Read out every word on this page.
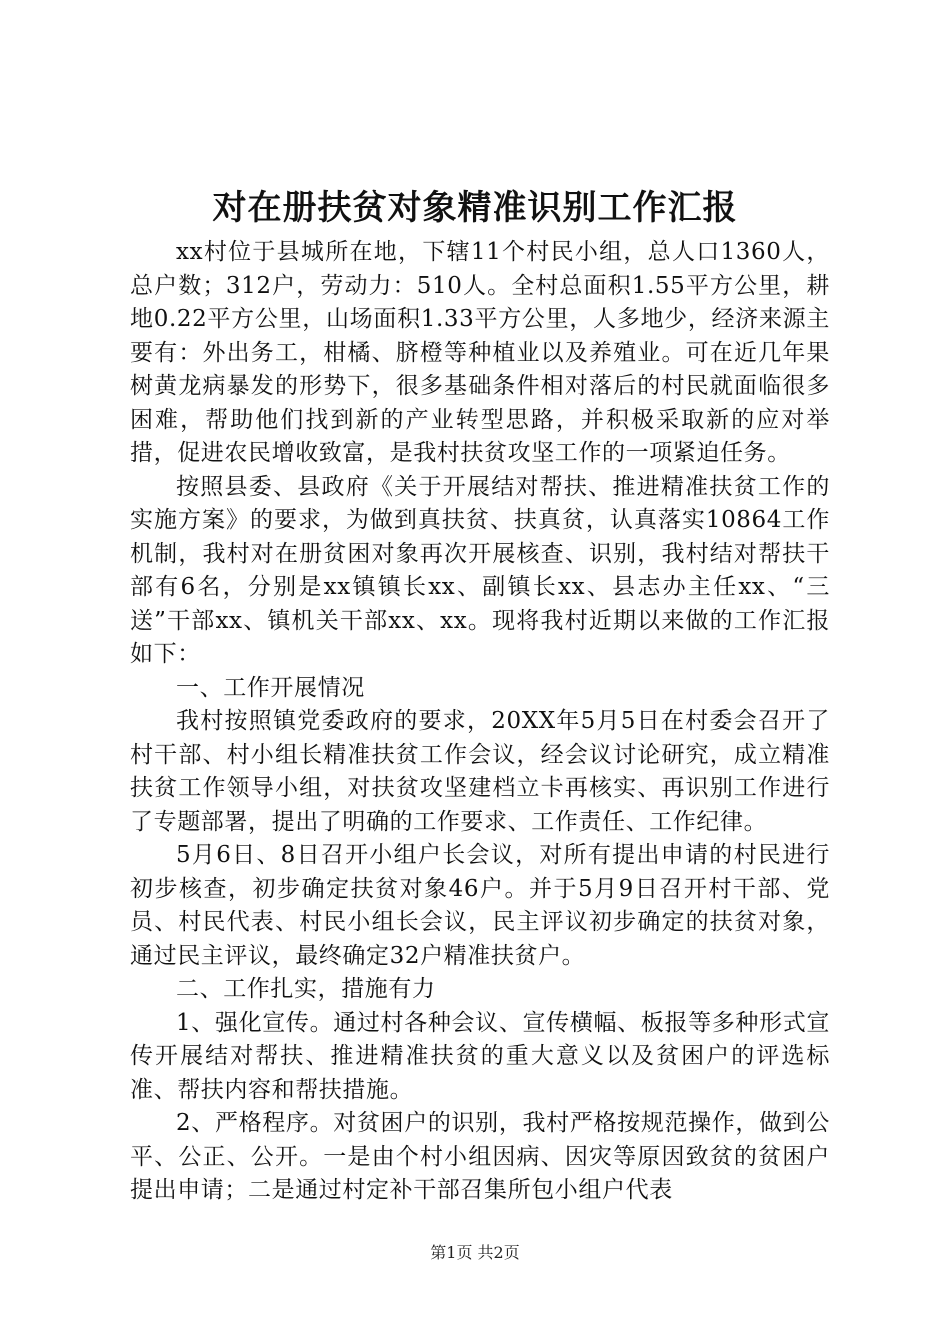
对在册扶贫对象精准识别工作汇报

xx村位于县城所在地，下辖11个村民小组，总人口1360人，总户数；312户，劳动力：510人。全村总面积1.55平方公里，耕地0.22平方公里，山场面积1.33平方公里，人多地少，经济来源主要有：外出务工，柑橘、脐橙等种植业以及养殖业。可在近几年果树黄龙病暴发的形势下，很多基础条件相对落后的村民就面临很多困难，帮助他们找到新的产业转型思路，并积极采取新的应对举措，促进农民增收致富，是我村扶贫攻坚工作的一项紧迫任务。

按照县委、县政府《关于开展结对帮扶、推进精准扶贫工作的实施方案》的要求，为做到真扶贫、扶真贫，认真落实10864工作机制，我村对在册贫困对象再次开展核查、识别，我村结对帮扶干部有6名，分别是xx镇镇长xx、副镇长xx、县志办主任xx、“三送”干部xx、镇机关干部xx、xx。现将我村近期以来做的工作汇报如下：

一、工作开展情况

我村按照镇党委政府的要求，20XX年5月5日在村委会召开了村干部、村小组长精准扶贫工作会议，经会议讨论研究，成立精准扶贫工作领导小组，对扶贫攻坚建档立卡再核实、再识别工作进行了专题部署，提出了明确的工作要求、工作责任、工作纪律。

5月6日、8日召开小组户长会议，对所有提出申请的村民进行初步核查，初步确定扶贫对象46户。并于5月9日召开村干部、党员、村民代表、村民小组长会议，民主评议初步确定的扶贫对象，通过民主评议，最终确定32户精准扶贫户。

二、工作扎实，措施有力

1、强化宣传。通过村各种会议、宣传横幅、板报等多种形式宣传开展结对帮扶、推进精准扶贫的重大意义以及贫困户的评选标准、帮扶内容和帮扶措施。

2、严格程序。对贫困户的识别，我村严格按规范操作，做到公平、公正、公开。一是由个村小组因病、因灾等原因致贫的贫困户提出申请；二是通过村定补干部召集所包小组户代表

第1页 共2页
